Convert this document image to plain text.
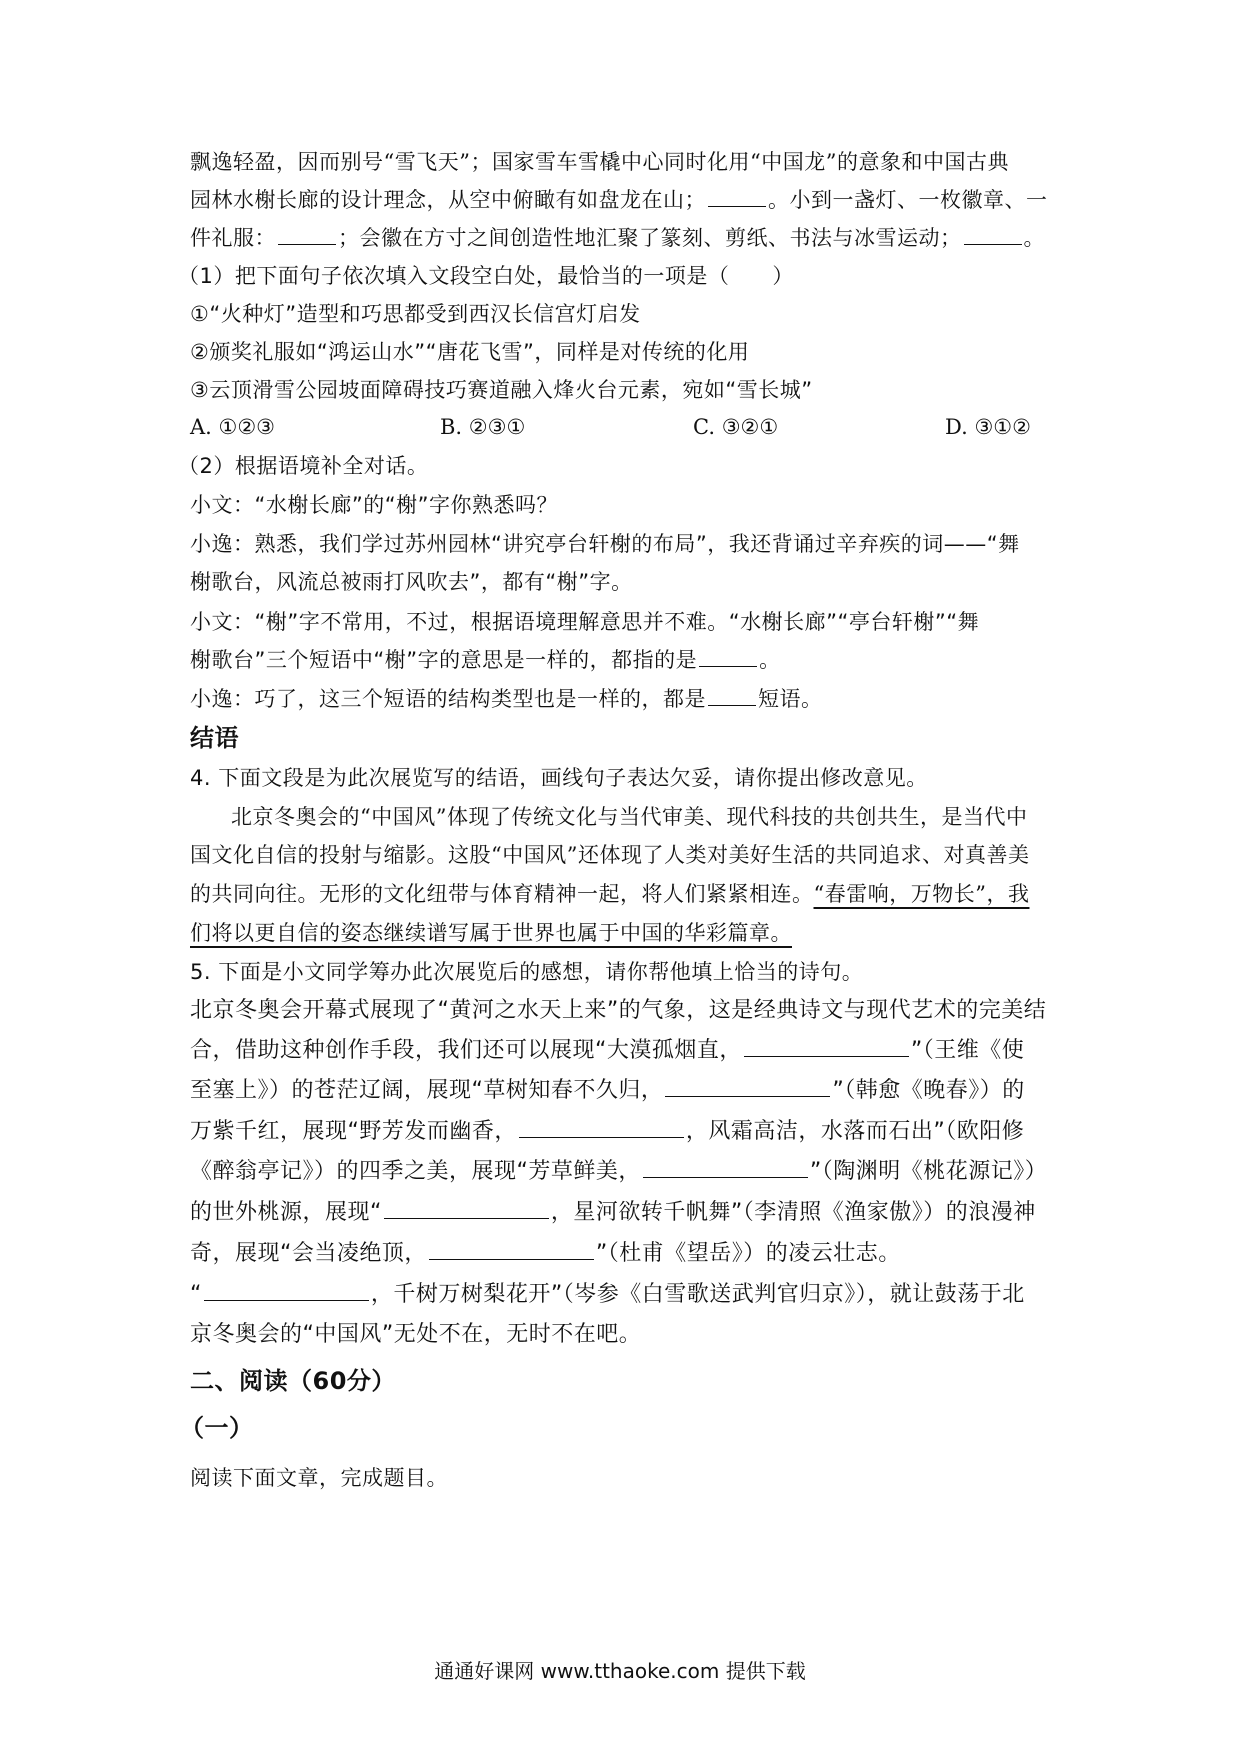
飘逸轻盈，因而别号“雪飞天”；国家雪车雪橇中心同时化用“中国龙”的意象和中国古典
园林水榭长廊的设计理念，从空中俯瞰有如盘龙在山；	。小到一盏灯、一枚徽章、一
件礼服：	；会徽在方寸之间创造性地汇聚了篆刻、剪纸、书法与冰雪运动；	。
（1）把下面句子依次填入文段空白处，最恰当的一项是（　　）
①“火种灯”造型和巧思都受到西汉长信宫灯启发
②颁奖礼服如“鸿运山水”“唐花飞雪”，同样是对传统的化用
③云顶滑雪公园坡面障碍技巧赛道融入烽火台元素，宛如“雪长城”
A. ①②③	B. ②③①	C. ③②①	D. ③①②
（2）根据语境补全对话。
小文：“水榭长廊”的“榭”字你熟悉吗？
小逸：熟悉，我们学过苏州园林“讲究亭台轩榭的布局”，我还背诵过辛弃疾的词——“舞
榭歌台，风流总被雨打风吹去”，都有“榭”字。
小文：“榭”字不常用，不过，根据语境理解意思并不难。“水榭长廊”“亭台轩榭”“舞
榭歌台”三个短语中“榭”字的意思是一样的，都指的是	。
小逸：巧了，这三个短语的结构类型也是一样的，都是 短语。
结语
4. 下面文段是为此次展览写的结语，画线句子表达欠妥，请你提出修改意见。
北京冬奥会的“中国风”体现了传统文化与当代审美、现代科技的共创共生，是当代中
国文化自信的投射与缩影。这股“中国风”还体现了人类对美好生活的共同追求、对真善美
的共同向往。无形的文化纽带与体育精神一起，将人们紧紧相连。“春雷响，万物长”，我
们将以更自信的姿态继续谱写属于世界也属于中国的华彩篇章。
5. 下面是小文同学筹办此次展览后的感想，请你帮他填上恰当的诗句。
北京冬奥会开幕式展现了“黄河之水天上来”的气象，这是经典诗文与现代艺术的完美结
合，借助这种创作手段，我们还可以展现“大漠孤烟直，	”（王维《使
至塞上》）的苍茫辽阔，展现“草树知春不久归，	”（韩愈《晚春》）的
万紫千红，展现“野芳发而幽香，	，风霜高洁，水落而石出”（欧阳修
《醉翁亭记》）的四季之美，展现“芳草鲜美，	”（陶渊明《桃花源记》）
的世外桃源，展现“	，星河欲转千帆舞”（李清照《渔家傲》）的浪漫神
奇，展现“会当凌绝顶，	”（杜甫《望岳》）的凌云壮志。
“	，千树万树梨花开”（岑参《白雪歌送武判官归京》），就让鼓荡于北
京冬奥会的“中国风”无处不在，无时不在吧。
二、阅读（60分）
（一）
阅读下面文章，完成题目。
通通好课网 www.tthaoke.com 提供下载
